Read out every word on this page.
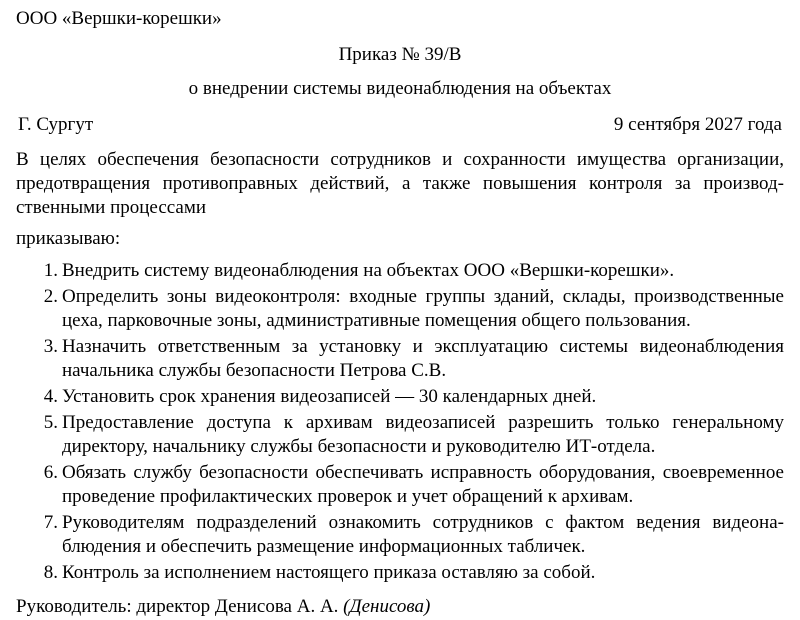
ООО «Вершки-корешки»
Приказ № 39/В
о внедрении системы видеонаблюдения на объектах
Г. Сургут	9 сентября 2027 года
В целях обеспечения безопасности сотрудников и сохранности имущества организации, предотвращения противоправных действий, а также повышения контроля за производственными процессами
приказываю:
1. Внедрить систему видеонаблюдения на объектах ООО «Вершки-корешки».
2. Определить зоны видеоконтроля: входные группы зданий, склады, производственные цеха, парковочные зоны, административные помещения общего пользования.
3. Назначить ответственным за установку и эксплуатацию системы видеонаблюдения начальника службы безопасности Петрова С.В.
4. Установить срок хранения видеозаписей — 30 календарных дней.
5. Предоставление доступа к архивам видеозаписей разрешить только генеральному директору, начальнику службы безопасности и руководителю ИТ-отдела.
6. Обязать службу безопасности обеспечивать исправность оборудования, своевременное проведение профилактических проверок и учет обращений к архивам.
7. Руководителям подразделений ознакомить сотрудников с фактом ведения видеонаблюдения и обеспечить размещение информационных табличек.
8. Контроль за исполнением настоящего приказа оставляю за собой.
Руководитель: директор Денисова А. А. (Денисова)
